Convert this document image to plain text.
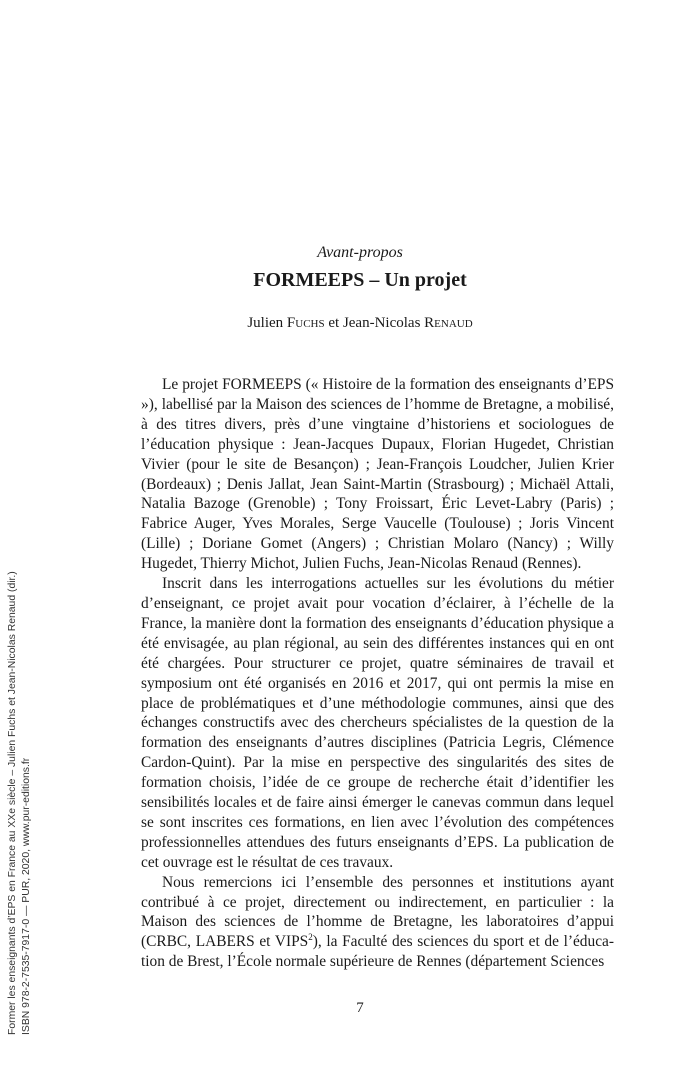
Avant-propos
FORMEEPS – Un projet
Julien Fuchs et Jean-Nicolas Renaud

Le projet FORMEEPS (« Histoire de la formation des enseignants d’EPS »), labellisé par la Maison des sciences de l’homme de Bretagne, a mobilisé, à des titres divers, près d’une vingtaine d’historiens et sociologues de l’éducation physique : Jean-Jacques Dupaux, Florian Hugedet, Christian Vivier (pour le site de Besançon) ; Jean-François Loudcher, Julien Krier (Bordeaux) ; Denis Jallat, Jean Saint-Martin (Strasbourg) ; Michaël Attali, Natalia Bazoge (Grenoble) ; Tony Froissart, Éric Levet-Labry (Paris) ; Fabrice Auger, Yves Morales, Serge Vaucelle (Toulouse) ; Joris Vincent (Lille) ; Doriane Gomet (Angers) ; Christian Molaro (Nancy) ; Willy Hugedet, Thierry Michot, Julien Fuchs, Jean-Nicolas Renaud (Rennes).

Inscrit dans les interrogations actuelles sur les évolutions du métier d’enseignant, ce projet avait pour vocation d’éclairer, à l’échelle de la France, la manière dont la formation des enseignants d’éducation physique a été envisagée, au plan régional, au sein des différentes instances qui en ont été chargées. Pour structurer ce projet, quatre séminaires de travail et symposium ont été organisés en 2016 et 2017, qui ont permis la mise en place de problématiques et d’une méthodologie communes, ainsi que des échanges constructifs avec des chercheurs spécialistes de la question de la formation des enseignants d’autres disciplines (Patricia Legris, Clémence Cardon-Quint). Par la mise en perspective des singularités des sites de formation choisis, l’idée de ce groupe de recherche était d’identifier les sensibilités locales et de faire ainsi émerger le canevas commun dans lequel se sont inscrites ces formations, en lien avec l’évolution des compétences professionnelles attendues des futurs enseignants d’EPS. La publication de cet ouvrage est le résultat de ces travaux.

Nous remercions ici l’ensemble des personnes et institutions ayant contribué à ce projet, directement ou indirectement, en particulier : la Maison des sciences de l’homme de Bretagne, les laboratoires d’appui (CRBC, LABERS et VIPS$^2$), la Faculté des sciences du sport et de l’éducation de Brest, l’École normale supérieure de Rennes (département Sciences

7
Former les enseignants d’EPS en France au XXe siècle – Julien Fuchs et Jean-Nicolas Renaud (dir.) ISBN 978-2-7535-7917-0 — PUR, 2020, www.pur-editions.fr
